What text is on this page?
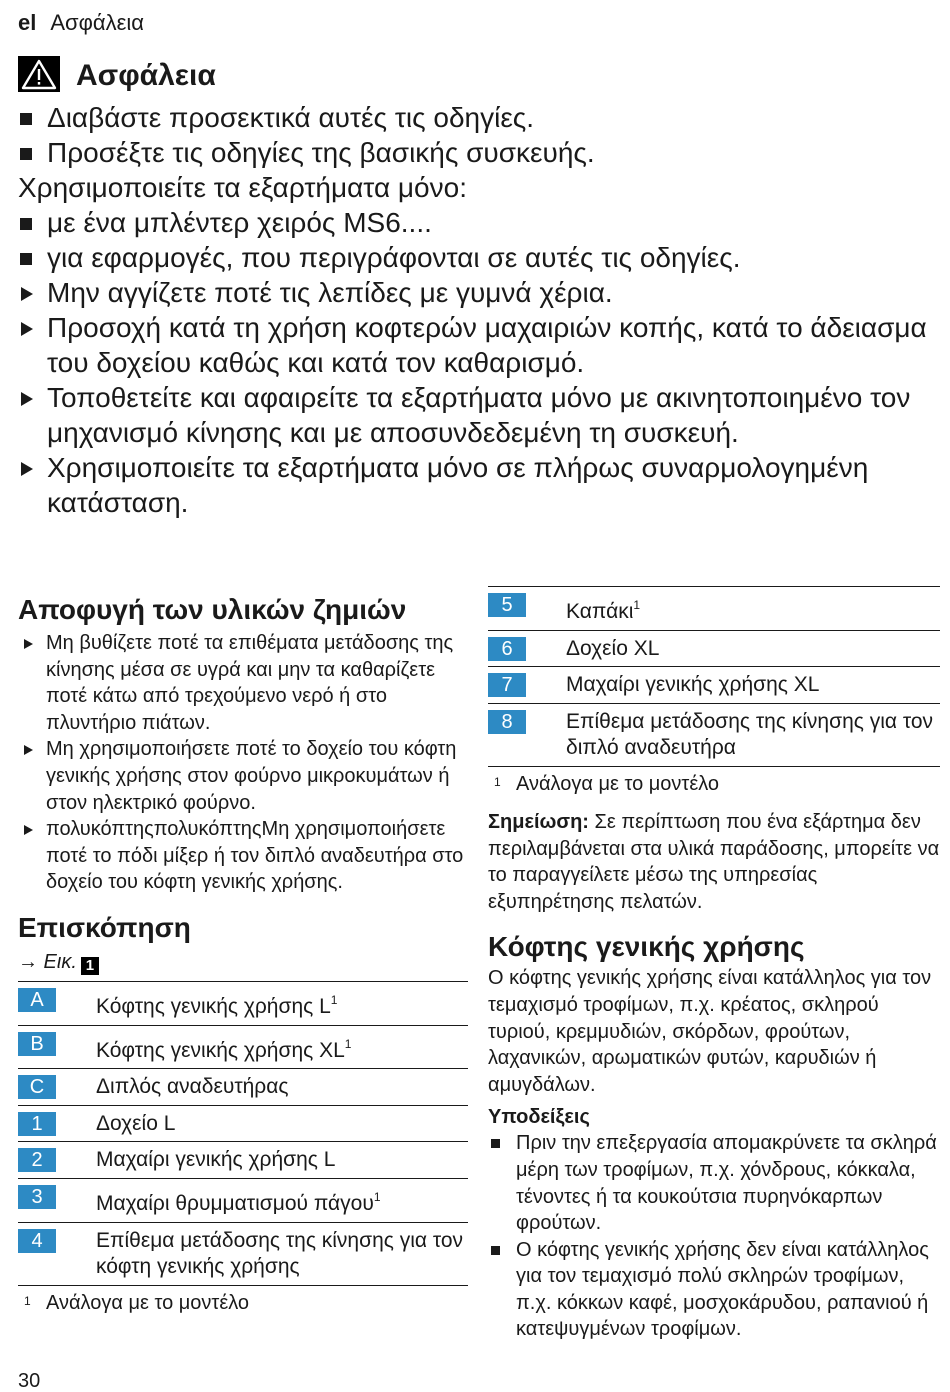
el Ασφάλεια
Ασφάλεια
Διαβάστε προσεκτικά αυτές τις οδηγίες.
Προσέξτε τις οδηγίες της βασικής συσκευής.
Χρησιμοποιείτε τα εξαρτήματα μόνο:
με ένα μπλέντερ χειρός MS6....
για εφαρμογές, που περιγράφονται σε αυτές τις οδηγίες.
Μην αγγίζετε ποτέ τις λεπίδες με γυμνά χέρια.
Προσοχή κατά τη χρήση κοφτερών μαχαιριών κοπής, κατά το άδειασμα του δοχείου καθώς και κατά τον καθαρισμό.
Τοποθετείτε και αφαιρείτε τα εξαρτήματα μόνο με ακινητοποιημένο τον μηχανισμό κίνησης και με αποσυνδεδεμένη τη συσκευή.
Χρησιμοποιείτε τα εξαρτήματα μόνο σε πλήρως συναρμολογημένη κατάσταση.
Αποφυγή των υλικών ζημιών
Μη βυθίζετε ποτέ τα επιθέματα μετάδοσης της κίνησης μέσα σε υγρά και μην τα καθαρίζετε ποτέ κάτω από τρεχούμενο νερό ή στο πλυντήριο πιάτων.
Μη χρησιμοποιήσετε ποτέ το δοχείο του κόφτη γενικής χρήσης στον φούρνο μικροκυμάτων ή στον ηλεκτρικό φούρνο.
πολυκόπτηςπολυκόπτηςΜη χρησιμοποιήσετε ποτέ το πόδι μίξερ ή τον διπλό αναδευτήρα στο δοχείο του κόφτη γενικής χρήσης.
Επισκόπηση
→ Εικ. 1
A	Κόφτης γενικής χρήσης $L^1$
B	Κόφτης γενικής χρήσης $XL^1$
C	Διπλός αναδευτήρας
1	Δοχείο L
2	Μαχαίρι γενικής χρήσης L
3	Μαχαίρι θρυμματισμού πάγου$^1$
4	Επίθεμα μετάδοσης της κίνησης για τον κόφτη γενικής χρήσης
1 Ανάλογα με το μοντέλο
5	Καπάκι$^1$
6	Δοχείο XL
7	Μαχαίρι γενικής χρήσης XL
8	Επίθεμα μετάδοσης της κίνησης για τον διπλό αναδευτήρα
1 Ανάλογα με το μοντέλο
Σημείωση: Σε περίπτωση που ένα εξάρτημα δεν περιλαμβάνεται στα υλικά παράδοσης, μπορείτε να το παραγγείλετε μέσω της υπηρεσίας εξυπηρέτησης πελατών.
Κόφτης γενικής χρήσης
Ο κόφτης γενικής χρήσης είναι κατάλληλος για τον τεμαχισμό τροφίμων, π.χ. κρέατος, σκληρού τυριού, κρεμμυδιών, σκόρδων, φρούτων, λαχανικών, αρωματικών φυτών, καρυδιών ή αμυγδάλων.
Υποδείξεις
Πριν την επεξεργασία απομακρύνετε τα σκληρά μέρη των τροφίμων, π.χ. χόνδρους, κόκκαλα, τένοντες ή τα κουκούτσια πυρηνόκαρπων φρούτων.
Ο κόφτης γενικής χρήσης δεν είναι κατάλληλος για τον τεμαχισμό πολύ σκληρών τροφίμων, π.χ. κόκκων καφέ, μοσχοκάρυδου, ραπανιού ή κατεψυγμένων τροφίμων.
30
